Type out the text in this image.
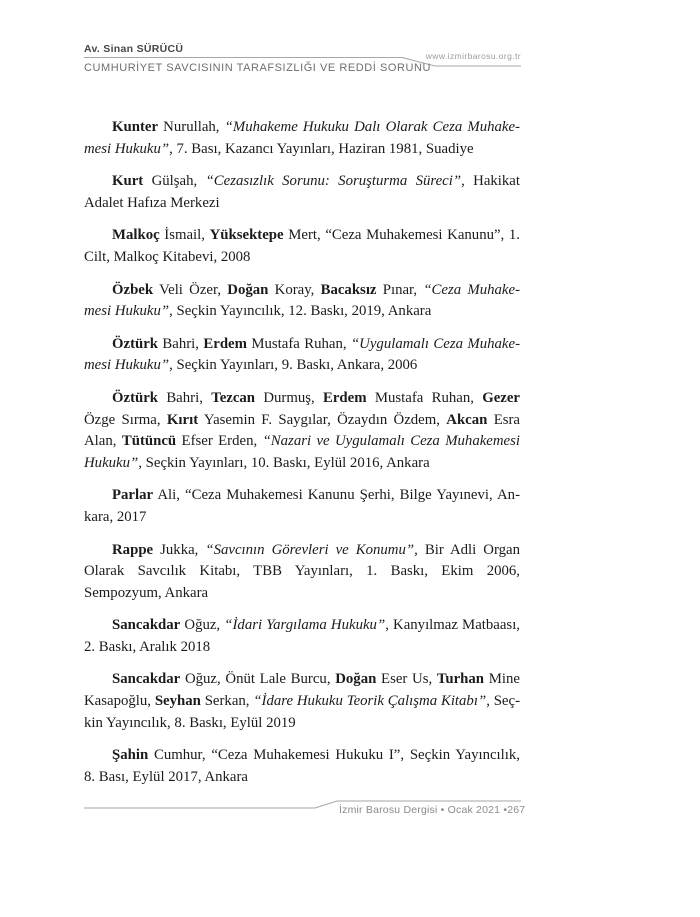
Av. Sinan SÜRÜCÜ
www.izmirbarosu.org.tr
CUMHURİYET SAVCISININ TARAFSIZLIĞI VE REDDİ SORUNU

Kunter Nurullah, “Muhakeme Hukuku Dalı Olarak Ceza Muhakemesi Hukuku”, 7. Bası, Kazancı Yayınları, Haziran 1981, Suadiye

Kurt Gülşah, “Cezasızlık Sorunu: Soruşturma Süreci”, Hakikat Adalet Hafıza Merkezi

Malkoç İsmail, Yüksektepe Mert, “Ceza Muhakemesi Kanunu”, 1. Cilt, Malkoç Kitabevi, 2008

Özbek Veli Özer, Doğan Koray, Bacaksız Pınar, “Ceza Muhakemesi Hukuku”, Seçkin Yayıncılık, 12. Baskı, 2019, Ankara

Öztürk Bahri, Erdem Mustafa Ruhan, “Uygulamalı Ceza Muhakemesi Hukuku”, Seçkin Yayınları, 9. Baskı, Ankara, 2006

Öztürk Bahri, Tezcan Durmuş, Erdem Mustafa Ruhan, Gezer Özge Sırma, Kırıt Yasemin F. Saygılar, Özaydın Özdem, Akcan Esra Alan, Tütüncü Efser Erden, “Nazari ve Uygulamalı Ceza Muhakemesi Hukuku”, Seçkin Yayınları, 10. Baskı, Eylül 2016, Ankara

Parlar Ali, “Ceza Muhakemesi Kanunu Şerhi, Bilge Yayınevi, Ankara, 2017

Rappe Jukka, “Savcının Görevleri ve Konumu”, Bir Adli Organ Olarak Savcılık Kitabı, TBB Yayınları, 1. Baskı, Ekim 2006, Sempozyum, Ankara

Sancakdar Oğuz, “İdari Yargılama Hukuku”, Kanyılmaz Matbaası, 2. Baskı, Aralık 2018

Sancakdar Oğuz, Önüt Lale Burcu, Doğan Eser Us, Turhan Mine Kasapoğlu, Seyhan Serkan, “İdare Hukuku Teorik Çalışma Kitabı”, Seçkin Yayıncılık, 8. Baskı, Eylül 2019

Şahin Cumhur, “Ceza Muhakemesi Hukuku I”, Seçkin Yayıncılık, 8. Bası, Eylül 2017, Ankara

İzmir Barosu Dergisi • Ocak 2021 • 267
